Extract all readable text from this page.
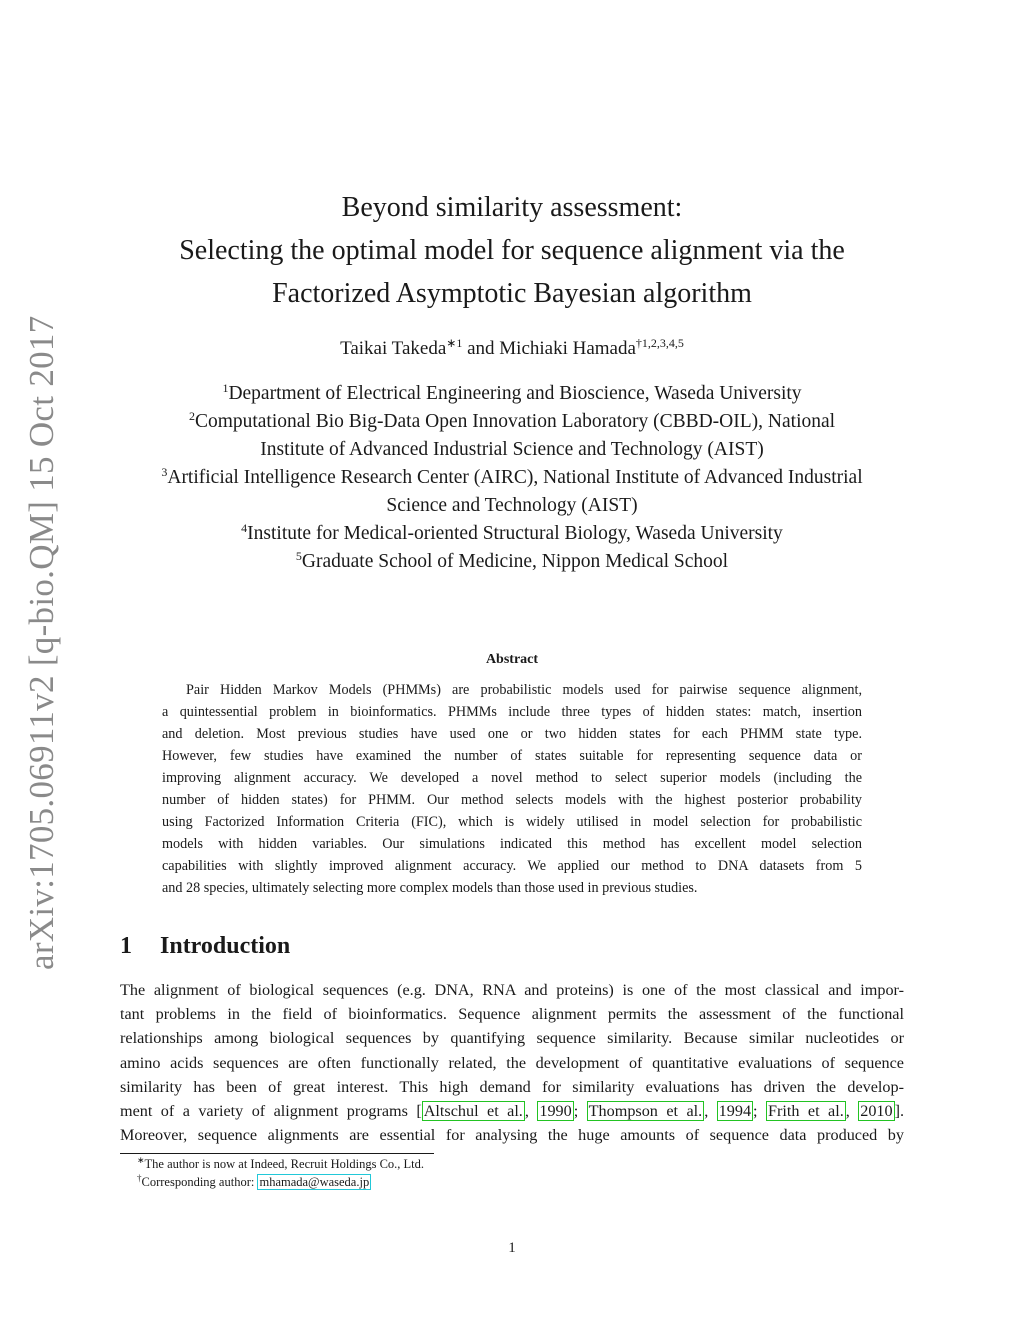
arXiv:1705.06911v2 [q-bio.QM] 15 Oct 2017
Beyond similarity assessment:
Selecting the optimal model for sequence alignment via the
Factorized Asymptotic Bayesian algorithm
Taikai Takeda$^{∗1}$ and Michiaki Hamada$^{\dagger 1,2,3,4,5}$
$^1$Department of Electrical Engineering and Bioscience, Waseda University
$^2$Computational Bio Big-Data Open Innovation Laboratory (CBBD-OIL), National
Institute of Advanced Industrial Science and Technology (AIST)
$^3$Artificial Intelligence Research Center (AIRC), National Institute of Advanced Industrial
Science and Technology (AIST)
$^4$Institute for Medical-oriented Structural Biology, Waseda University
$^5$Graduate School of Medicine, Nippon Medical School
Abstract
Pair Hidden Markov Models (PHMMs) are probabilistic models used for pairwise sequence alignment,
a quintessential problem in bioinformatics. PHMMs include three types of hidden states: match, insertion
and deletion. Most previous studies have used one or two hidden states for each PHMM state type.
However, few studies have examined the number of states suitable for representing sequence data or
improving alignment accuracy. We developed a novel method to select superior models (including the
number of hidden states) for PHMM. Our method selects models with the highest posterior probability
using Factorized Information Criteria (FIC), which is widely utilised in model selection for probabilistic
models with hidden variables. Our simulations indicated this method has excellent model selection
capabilities with slightly improved alignment accuracy. We applied our method to DNA datasets from 5
and 28 species, ultimately selecting more complex models than those used in previous studies.
1 Introduction
The alignment of biological sequences (e.g. DNA, RNA and proteins) is one of the most classical and impor-
tant problems in the field of bioinformatics. Sequence alignment permits the assessment of the functional
relationships among biological sequences by quantifying sequence similarity. Because similar nucleotides or
amino acids sequences are often functionally related, the development of quantitative evaluations of sequence
similarity has been of great interest. This high demand for similarity evaluations has driven the develop-
ment of a variety of alignment programs [ Altschul et al. , 1990 ; Thompson et al. , 1994 ; Frith et al. , 2010 ].
Moreover, sequence alignments are essential for analysing the huge amounts of sequence data produced by
∗The author is now at Indeed, Recruit Holdings Co., Ltd.
†Corresponding author: mhamada@waseda.jp
1
